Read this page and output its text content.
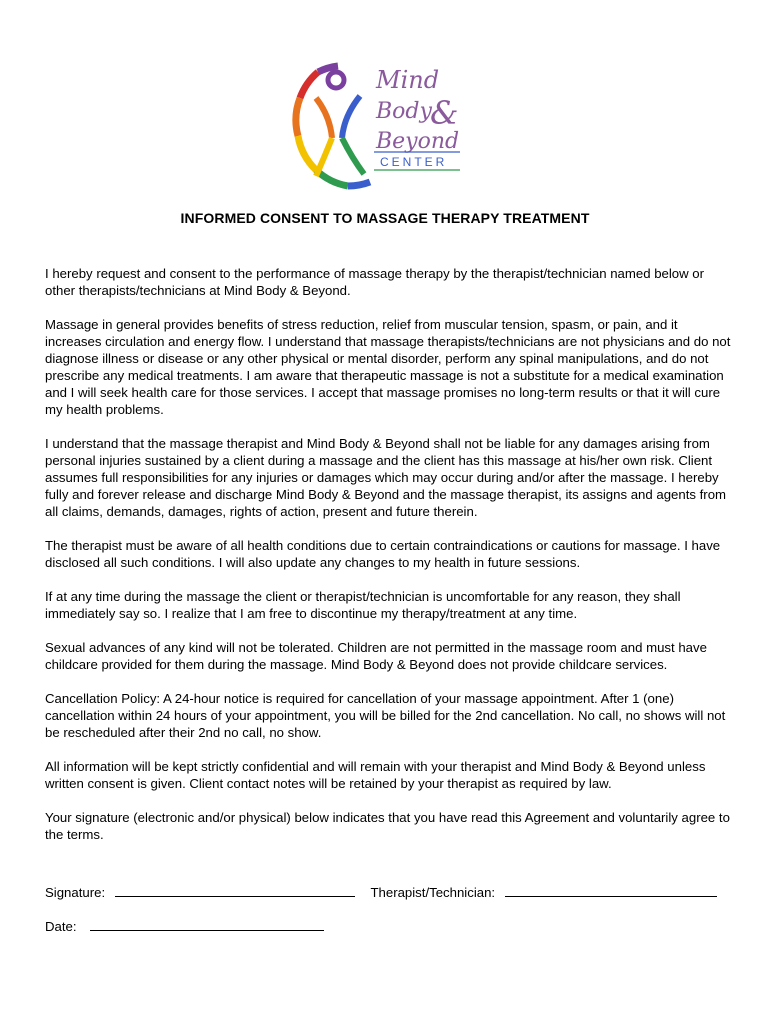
Mind
Body
&
Beyond
CENTER
INFORMED CONSENT TO MASSAGE THERAPY TREATMENT

I hereby request and consent to the performance of massage therapy by the therapist/technician named below or other therapists/technicians at Mind Body & Beyond.

Massage in general provides benefits of stress reduction, relief from muscular tension, spasm, or pain, and it increases circulation and energy flow. I understand that massage therapists/technicians are not physicians and do not diagnose illness or disease or any other physical or mental disorder, perform any spinal manipulations, and do not prescribe any medical treatments. I am aware that therapeutic massage is not a substitute for a medical examination and I will seek health care for those services. I accept that massage promises no long-term results or that it will cure my health problems.

I understand that the massage therapist and Mind Body & Beyond shall not be liable for any damages arising from personal injuries sustained by a client during a massage and the client has this massage at his/her own risk. Client assumes full responsibilities for any injuries or damages which may occur during and/or after the massage. I hereby fully and forever release and discharge Mind Body & Beyond and the massage therapist, its assigns and agents from all claims, demands, damages, rights of action, present and future therein.

The therapist must be aware of all health conditions due to certain contraindications or cautions for massage. I have disclosed all such conditions. I will also update any changes to my health in future sessions.

If at any time during the massage the client or therapist/technician is uncomfortable for any reason, they shall immediately say so. I realize that I am free to discontinue my therapy/treatment at any time.

Sexual advances of any kind will not be tolerated. Children are not permitted in the massage room and must have childcare provided for them during the massage. Mind Body & Beyond does not provide childcare services.

Cancellation Policy: A 24-hour notice is required for cancellation of your massage appointment. After 1 (one) cancellation within 24 hours of your appointment, you will be billed for the 2nd cancellation. No call, no shows will not be rescheduled after their 2nd no call, no show.

All information will be kept strictly confidential and will remain with your therapist and Mind Body & Beyond unless written consent is given. Client contact notes will be retained by your therapist as required by law.

Your signature (electronic and/or physical) below indicates that you have read this Agreement and voluntarily agree to the terms.

Signature:	Therapist/Technician:
Date:
